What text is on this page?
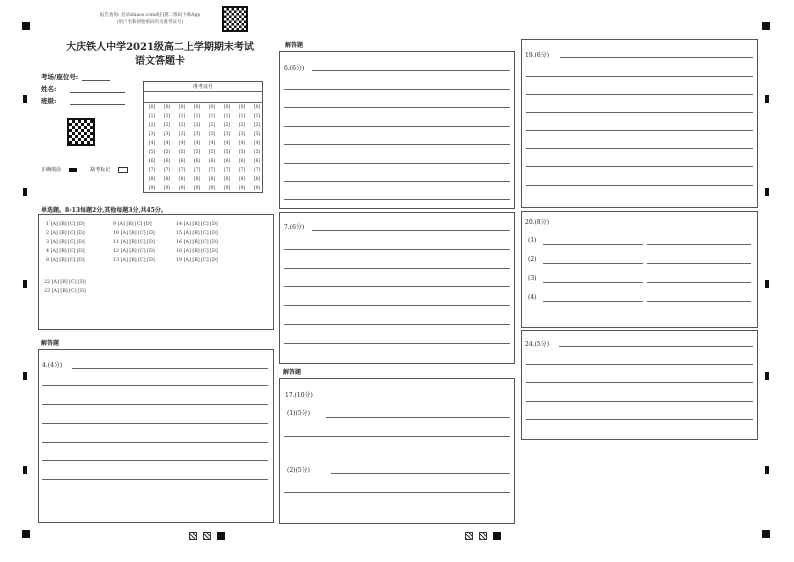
报告查询: 登录shiaos.com或扫描二维码下载App
(用户名和初始密码均为准考证号)
大庆铁人中学2021级高二上学期期末考试
语文答题卡
考场/座位号:
姓名:
班级:
准考证号
[0]
[1]
[2]
[3]
[4]
[5]
[6]
[7]
[8]
[9]
[0]
[1]
[2]
[3]
[4]
[5]
[6]
[7]
[8]
[9]
[0]
[1]
[2]
[3]
[4]
[5]
[6]
[7]
[8]
[9]
[0]
[1]
[2]
[3]
[4]
[5]
[6]
[7]
[8]
[9]
[0]
[1]
[2]
[3]
[4]
[5]
[6]
[7]
[8]
[9]
[0]
[1]
[2]
[3]
[4]
[5]
[6]
[7]
[8]
[9]
[0]
[1]
[2]
[3]
[4]
[5]
[6]
[7]
[8]
[9]
[0]
[1]
[2]
[3]
[4]
[5]
[6]
[7]
[8]
[9]
正确填涂	缺考标记
单选题。8-13每题2分,其他每题3分,共45分。
1 [A] [B] [C] [D]
2 [A] [B] [C] [D]
3 [A] [B] [C] [D]
4 [A] [B] [C] [D]
8 [A] [B] [C] [D]
9 [A] [B] [C] [D]
10 [A] [B] [C] [D]
11 [A] [B] [C] [D]
12 [A] [B] [C] [D]
13 [A] [B] [C] [D]
14 [A] [B] [C] [D]
15 [A] [B] [C] [D]
16 [A] [B] [C] [D]
18 [A] [B] [C] [D]
19 [A] [B] [C] [D]
22 [A] [B] [C] [D]
23 [A] [B] [C] [D]
解答题
4.(4分)
解答题
6.(6分)
7.(6分)
解答题
17.(10分)
(1)(5分)
(2)(5分)
19.(6分)
20.(8分)
(1)
(2)
(3)
(4)
24.(5分)
